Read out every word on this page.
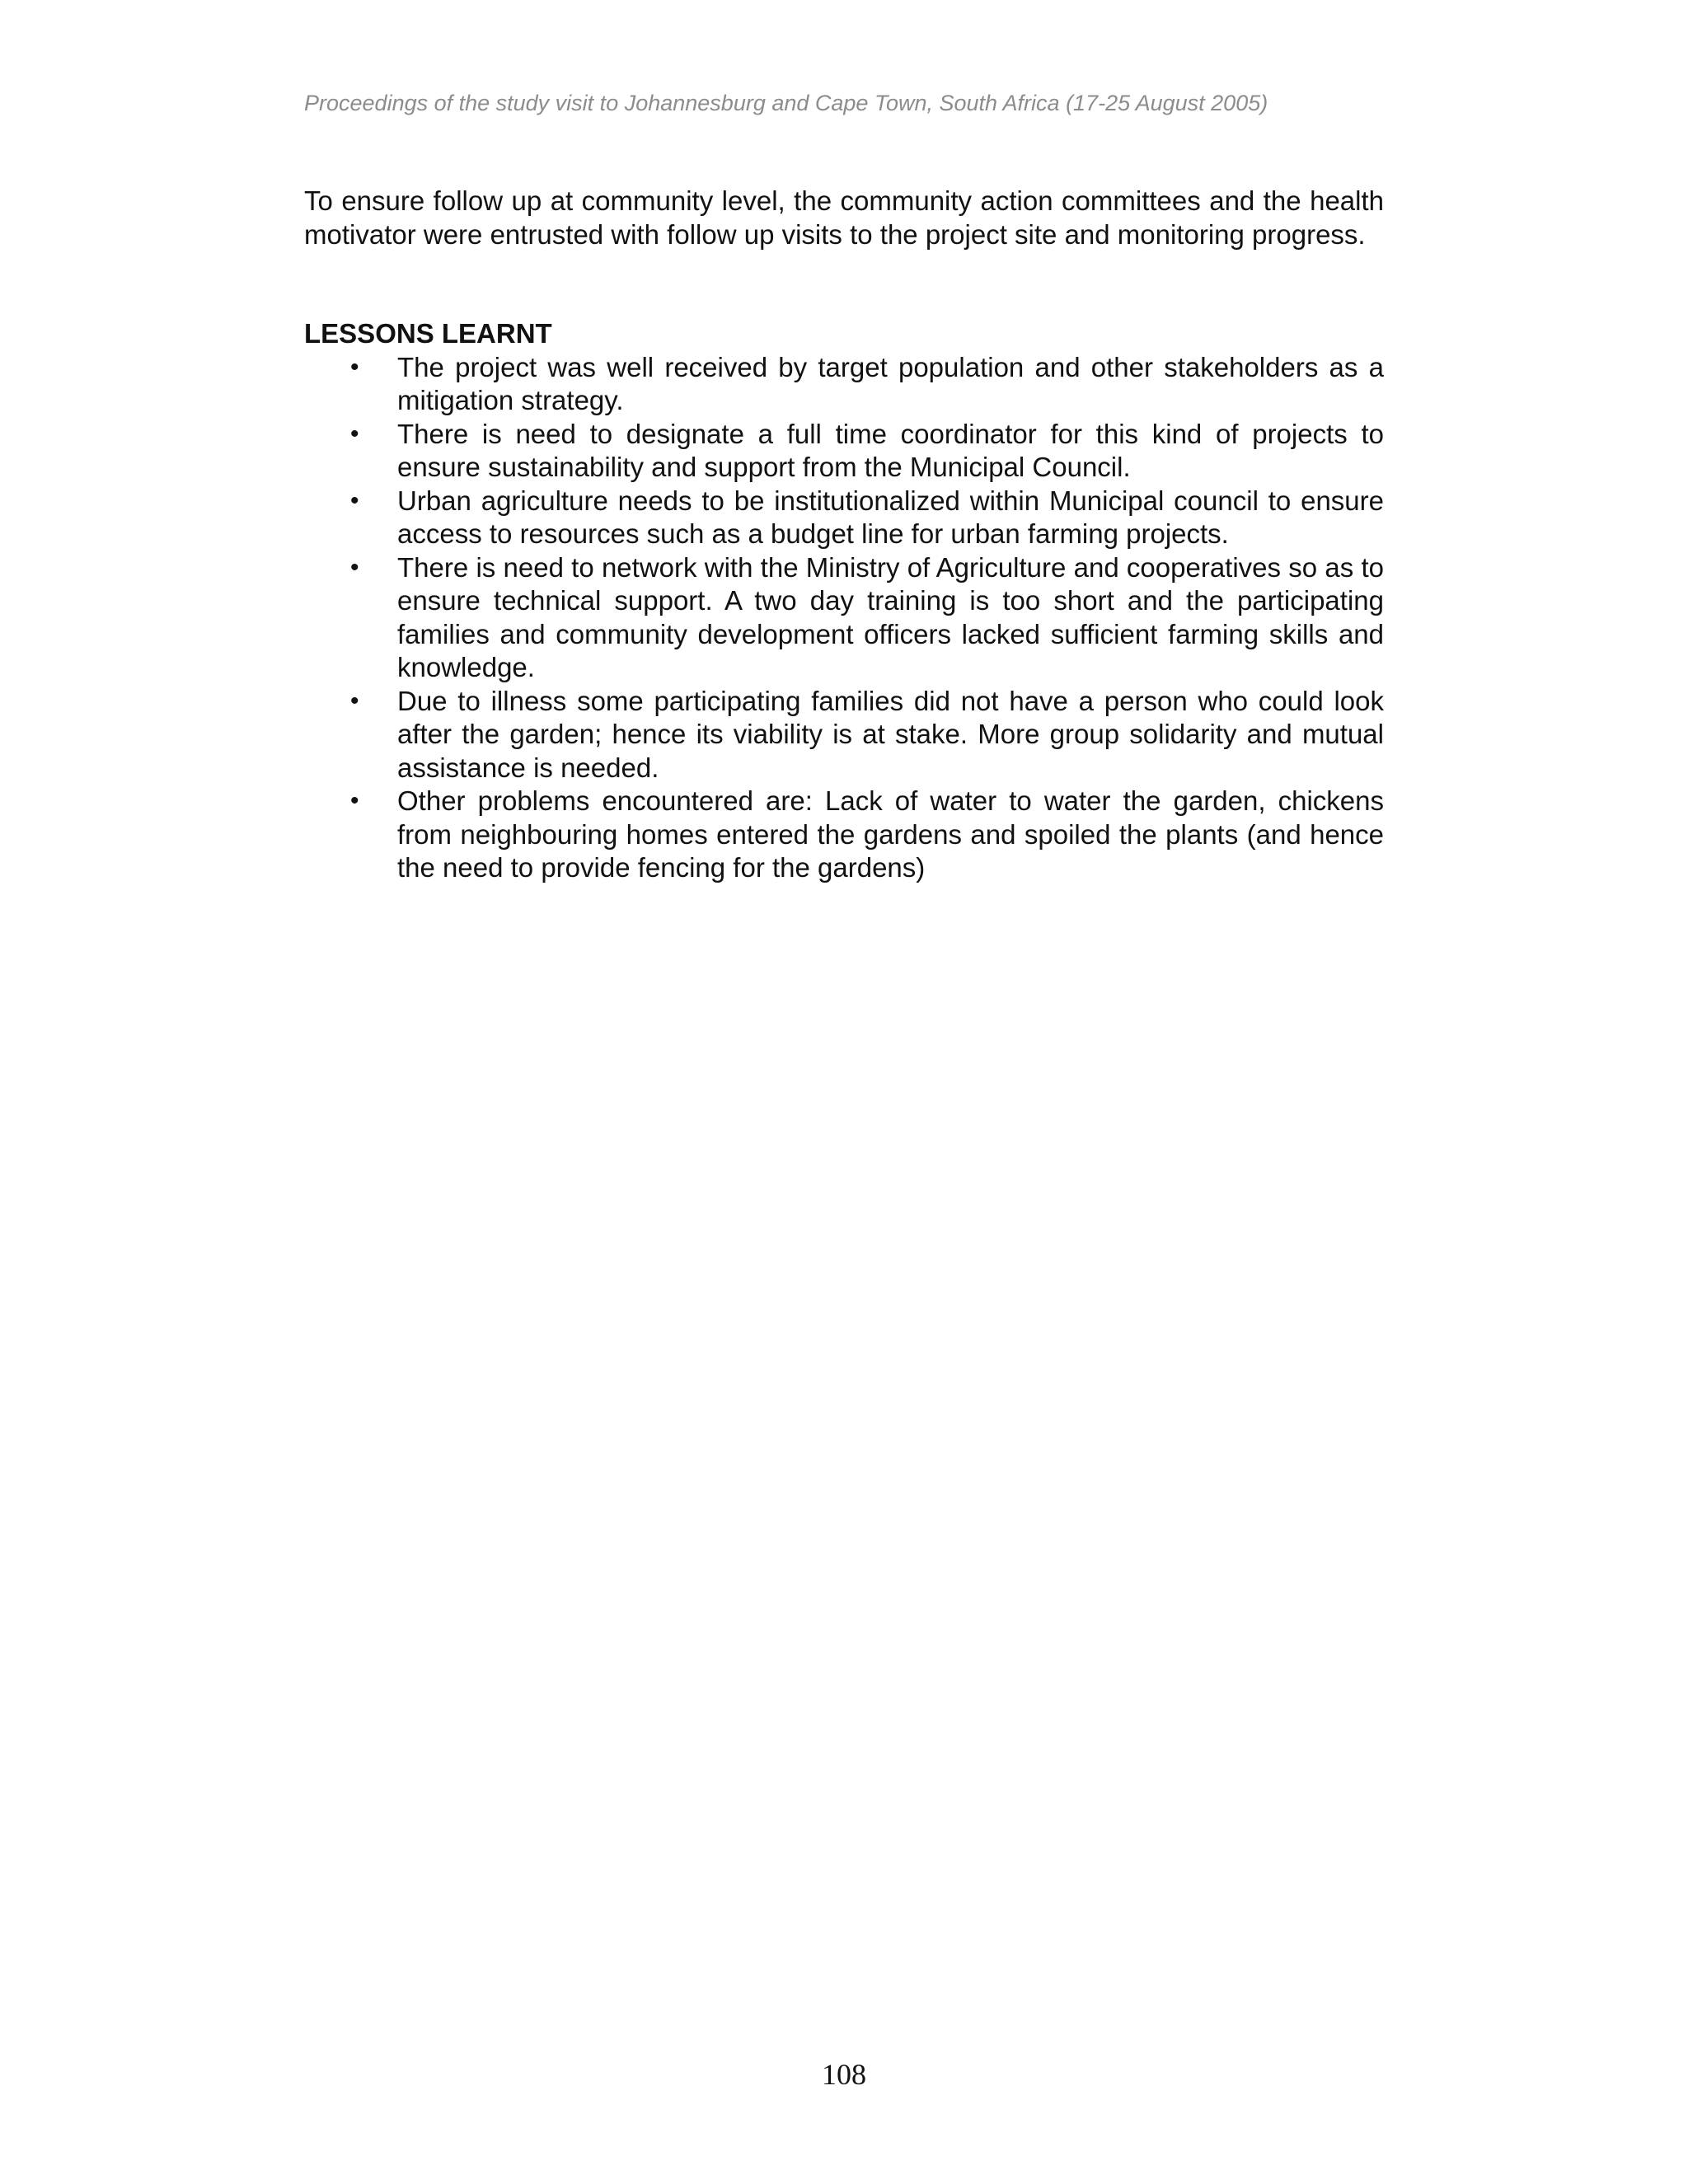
Proceedings of the study visit to Johannesburg and Cape Town, South Africa (17-25 August 2005)

To ensure follow up at community level, the community action committees and the health motivator were entrusted with follow up visits to the project site and monitoring progress.

LESSONS LEARNT
• The project was well received by target population and other stakeholders as a mitigation strategy.
• There is need to designate a full time coordinator for this kind of projects to ensure sustainability and support from the Municipal Council.
• Urban agriculture needs to be institutionalized within Municipal council to ensure access to resources such as a budget line for urban farming projects.
• There is need to network with the Ministry of Agriculture and cooperatives so as to ensure technical support. A two day training is too short and the participating families and community development officers lacked sufficient farming skills and knowledge.
• Due to illness some participating families did not have a person who could look after the garden; hence its viability is at stake. More group solidarity and mutual assistance is needed.
• Other problems encountered are: Lack of water to water the garden, chickens from neighbouring homes entered the gardens and spoiled the plants (and hence the need to provide fencing for the gardens)
108
